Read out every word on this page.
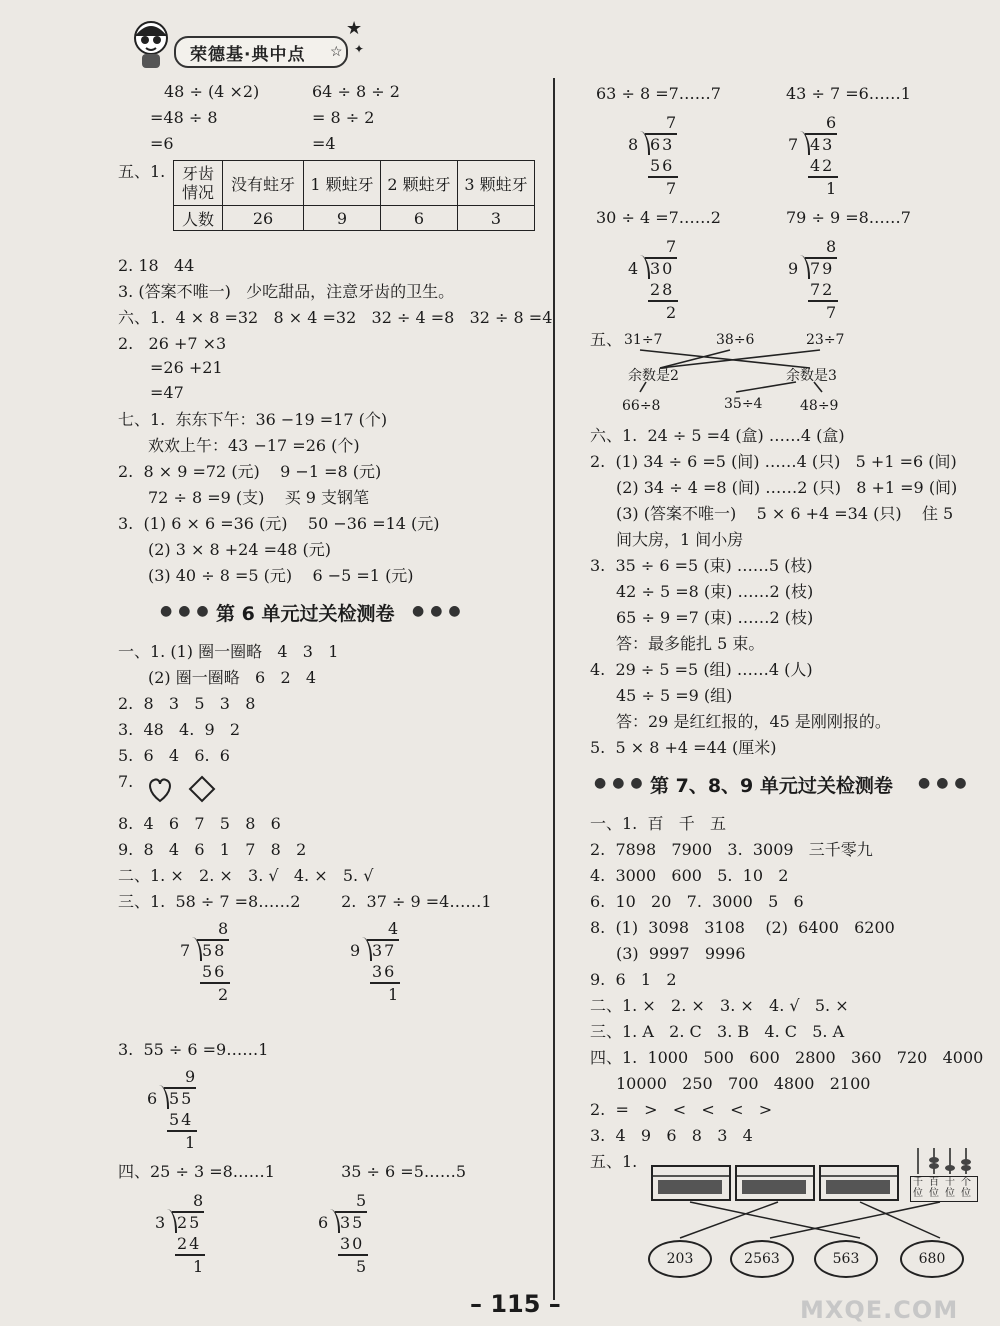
荣德基·典中点
★
☆ ✦
48 ÷ (4 ×2)	64 ÷ 8 ÷ 2
=48 ÷ 8	= 8 ÷ 2
=6	=4
2. 18   44
3. (答案不唯一)   少吃甜品，注意牙齿的卫生。
六、1.  4 × 8 =32   8 × 4 =32   32 ÷ 4 =8   32 ÷ 8 =4
2.   26 +7 ×3
=26 +21
=47
七、1.  东东下午：36 −19 =17 (个)
欢欢上午：43 −17 =26 (个)
2.  8 × 9 =72 (元)    9 −1 =8 (元)
72 ÷ 8 =9 (支)    买 9 支钢笔
3.  (1) 6 × 6 =36 (元)    50 −36 =14 (元)
(2) 3 × 8 +24 =48 (元)
(3) 40 ÷ 8 =5 (元)    6 −5 =1 (元)
一、1. (1) 圈一圈略   4   3   1
(2) 圈一圈略   6   2   4
2.  8   3   5   3   8
3.  48   4.  9   2
5.  6   4   6.  6
7.
8.  4   6   7   5   8   6
9.  8   4   6   1   7   8   2
二、1. ×   2. ×   3. √   4. ×   5. √
三、1.  58 ÷ 7 =8……2        2.  37 ÷ 9 =4……1
3.  55 ÷ 6 =9……1
四、25 ÷ 3 =8……1             35 ÷ 6 =5……5
五、1. 牙齿情况	没有蛀牙	1 颗蛀牙	2 颗蛀牙	3 颗蛀牙
人数	26	9	6	3
●●● 第 6 单元过关检测卷 ●●●
8
7 58
56
2
4
9 37
36
1
9
6 55
54
1
8
3 25
24
1
5
6 35
30
5
63 ÷ 8 =7……7	43 ÷ 7 =6……1
30 ÷ 4 =7……2	79 ÷ 9 =8……7
六、1.  24 ÷ 5 =4 (盒) ……4 (盒)
2.  (1) 34 ÷ 6 =5 (间) ……4 (只)   5 +1 =6 (间)
(2) 34 ÷ 4 =8 (间) ……2 (只)   8 +1 =9 (间)
(3) (答案不唯一)    5 × 6 +4 =34 (只)    住 5
间大房，1 间小房
3.  35 ÷ 6 =5 (束) ……5 (枝)
42 ÷ 5 =8 (束) ……2 (枝)
65 ÷ 9 =7 (束) ……2 (枝)
答：最多能扎 5 束。
4.  29 ÷ 5 =5 (组) ……4 (人)
45 ÷ 5 =9 (组)
答：29 是红红报的，45 是刚刚报的。
5.  5 × 8 +4 =44 (厘米)
一、1.  百   千   五
2.  7898   7900   3.  3009   三千零九
4.  3000   600   5.  10   2
6.  10   20   7.  3000   5   6
8.  (1)  3098   3108    (2)  6400   6200
(3)  9997   9996
9.  6   1   2
二、1. ×   2. ×   3. ×   4. √   5. ×
三、1. A   2. C   3. B   4. C   5. A
四、1.  1000   500   600   2800   360   720   4000
10000   250   700   4800   2100
2.  =   >   <   <   <   >
3.  4   9   6   8   3   4
五、1.
7
8 63
56
7
6
7 43
42
1
7
4 30
28
2
8
9 79
72
7
五、 31÷7	38÷6	23÷7
余数是2	余数是3
66÷8	35÷4	48÷9
●●● 第 7、8、9 单元过关检测卷 ●●●
千位
百位
十位
个位
203	2563	563	680
– 115 –	MXQE.COM
